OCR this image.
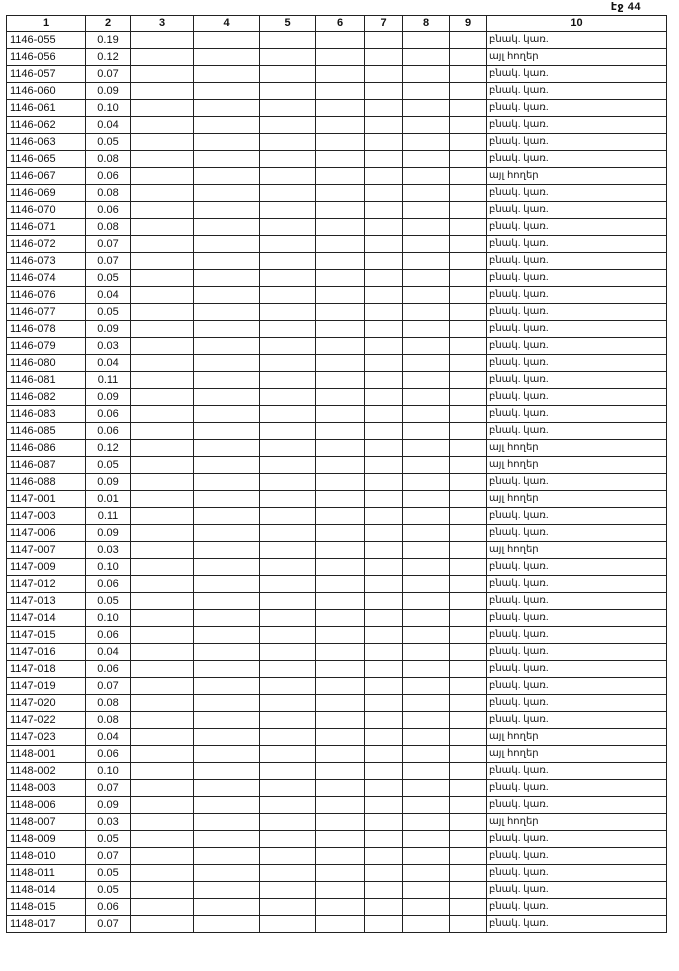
էջ 44
1	2	3	4	5	6	7	8	9	10
1146-055	0.19								բնակ. կառ.
1146-056	0.12								այլ հողեր
1146-057	0.07								բնակ. կառ.
1146-060	0.09								բնակ. կառ.
1146-061	0.10								բնակ. կառ.
1146-062	0.04								բնակ. կառ.
1146-063	0.05								բնակ. կառ.
1146-065	0.08								բնակ. կառ.
1146-067	0.06								այլ հողեր
1146-069	0.08								բնակ. կառ.
1146-070	0.06								բնակ. կառ.
1146-071	0.08								բնակ. կառ.
1146-072	0.07								բնակ. կառ.
1146-073	0.07								բնակ. կառ.
1146-074	0.05								բնակ. կառ.
1146-076	0.04								բնակ. կառ.
1146-077	0.05								բնակ. կառ.
1146-078	0.09								բնակ. կառ.
1146-079	0.03								բնակ. կառ.
1146-080	0.04								բնակ. կառ.
1146-081	0.11								բնակ. կառ.
1146-082	0.09								բնակ. կառ.
1146-083	0.06								բնակ. կառ.
1146-085	0.06								բնակ. կառ.
1146-086	0.12								այլ հողեր
1146-087	0.05								այլ հողեր
1146-088	0.09								բնակ. կառ.
1147-001	0.01								այլ հողեր
1147-003	0.11								բնակ. կառ.
1147-006	0.09								բնակ. կառ.
1147-007	0.03								այլ հողեր
1147-009	0.10								բնակ. կառ.
1147-012	0.06								բնակ. կառ.
1147-013	0.05								բնակ. կառ.
1147-014	0.10								բնակ. կառ.
1147-015	0.06								բնակ. կառ.
1147-016	0.04								բնակ. կառ.
1147-018	0.06								բնակ. կառ.
1147-019	0.07								բնակ. կառ.
1147-020	0.08								բնակ. կառ.
1147-022	0.08								բնակ. կառ.
1147-023	0.04								այլ հողեր
1148-001	0.06								այլ հողեր
1148-002	0.10								բնակ. կառ.
1148-003	0.07								բնակ. կառ.
1148-006	0.09								բնակ. կառ.
1148-007	0.03								այլ հողեր
1148-009	0.05								բնակ. կառ.
1148-010	0.07								բնակ. կառ.
1148-011	0.05								բնակ. կառ.
1148-014	0.05								բնակ. կառ.
1148-015	0.06								բնակ. կառ.
1148-017	0.07								բնակ. կառ.
